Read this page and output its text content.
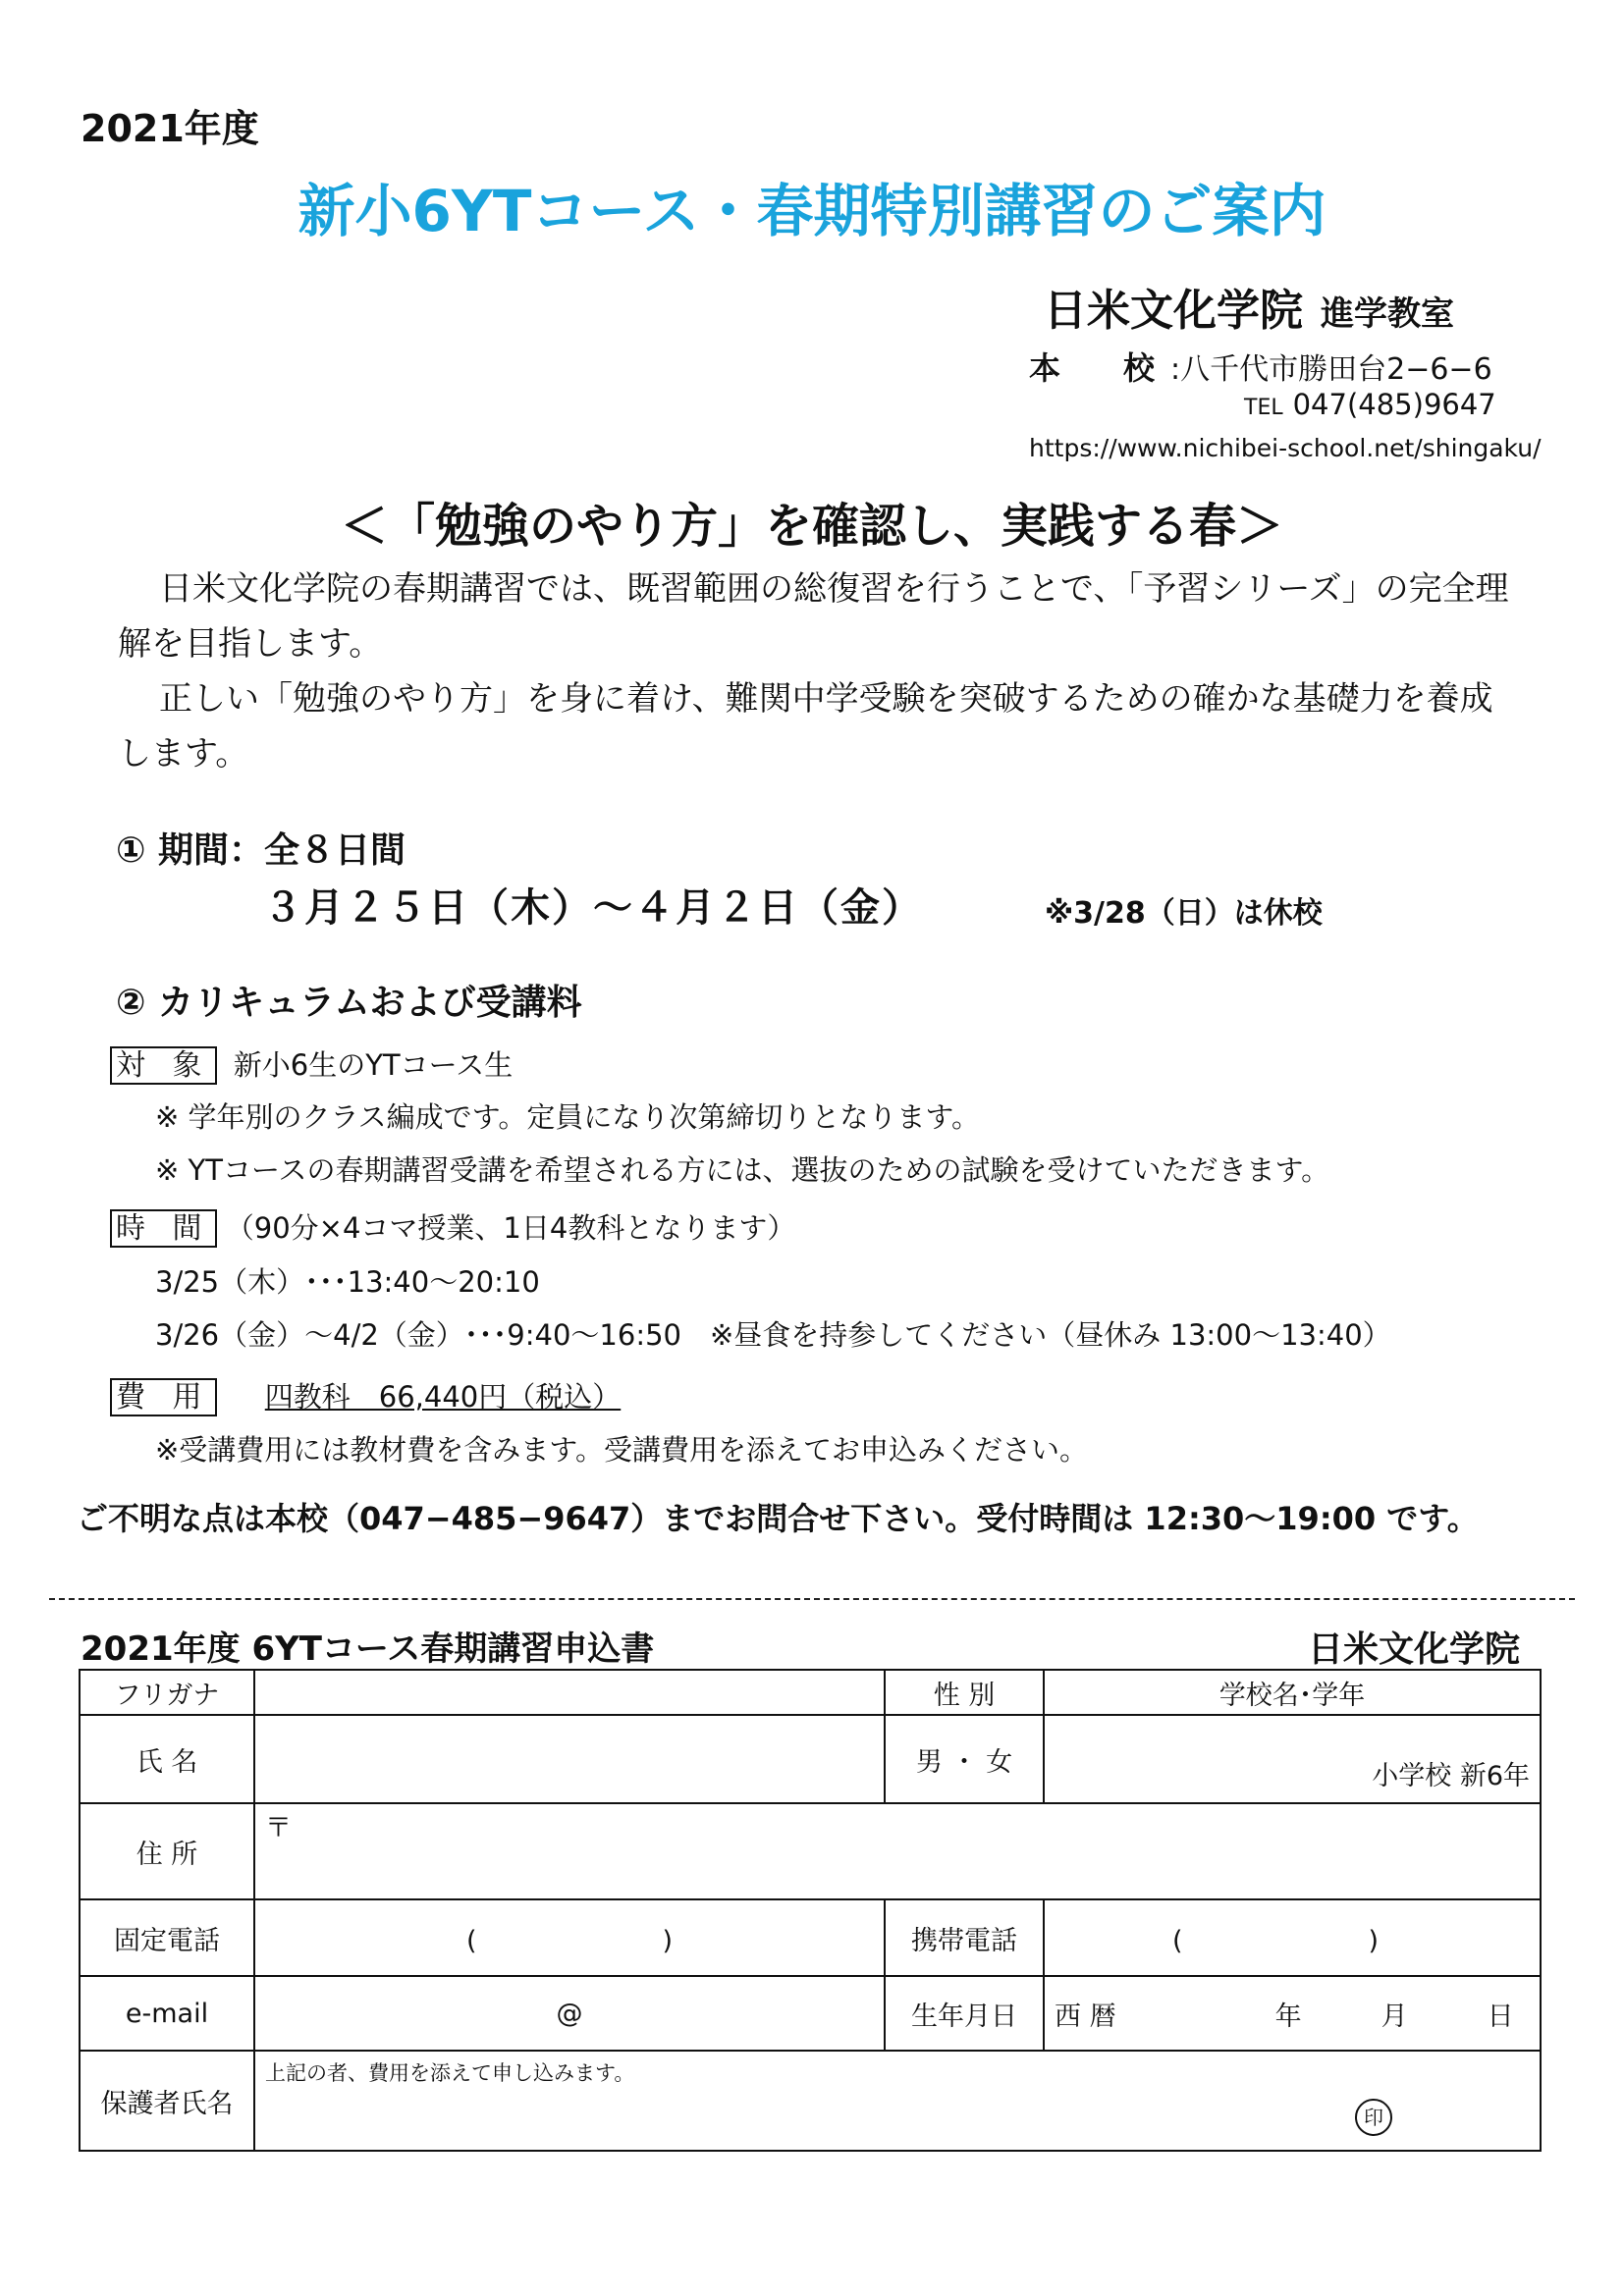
2021年度
新小6YTコース・春期特別講習のご案内
日米文化学院 進学教室
本　校:八千代市勝田台2−6−6
TEL 047(485)9647
https://www.nichibei-school.net/shingaku/
＜「勉強のやり方」を確認し、実践する春＞
日米文化学院の春期講習では、既習範囲の総復習を行うことで、「予習シリーズ」の完全理解を目指します。
正しい「勉強のやり方」を身に着け、難関中学受験を突破するための確かな基礎力を養成します。
① 期間：全８日間
３月２５日（木）～４月２日（金）	※3/28（日）は休校
② カリキュラムおよび受講料
対 象 新小6生のYTコース生
※ 学年別のクラス編成です。定員になり次第締切りとなります。
※ YTコースの春期講習受講を希望される方には、選抜のための試験を受けていただきます。
時 間 （90分×4コマ授業、1日4教科となります）
3/25（木）･･･13:40～20:10
3/26（金）～4/2（金）･･･9:40～16:50　※昼食を持参してください（昼休み 13:00～13:40）
費 用 四教科　66,440円（税込）
※受講費用には教材費を含みます。受講費用を添えてお申込みください。
ご不明な点は本校（047−485−9647）までお問合せ下さい。受付時間は 12:30～19:00 です。
2021年度 6YTコース春期講習申込書	日米文化学院
フリガナ		性 別	学校名･学年
氏 名		男 ・ 女	小学校 新6年
住 所	〒		
固定電話	(　　　　　　　)	携帯電話	(　　　　　　　)
e-mail	@	生年月日	西 暦　　　　　　年　　　月　　　日
保護者氏名	上記の者、費用を添えて申し込みます。
印		
